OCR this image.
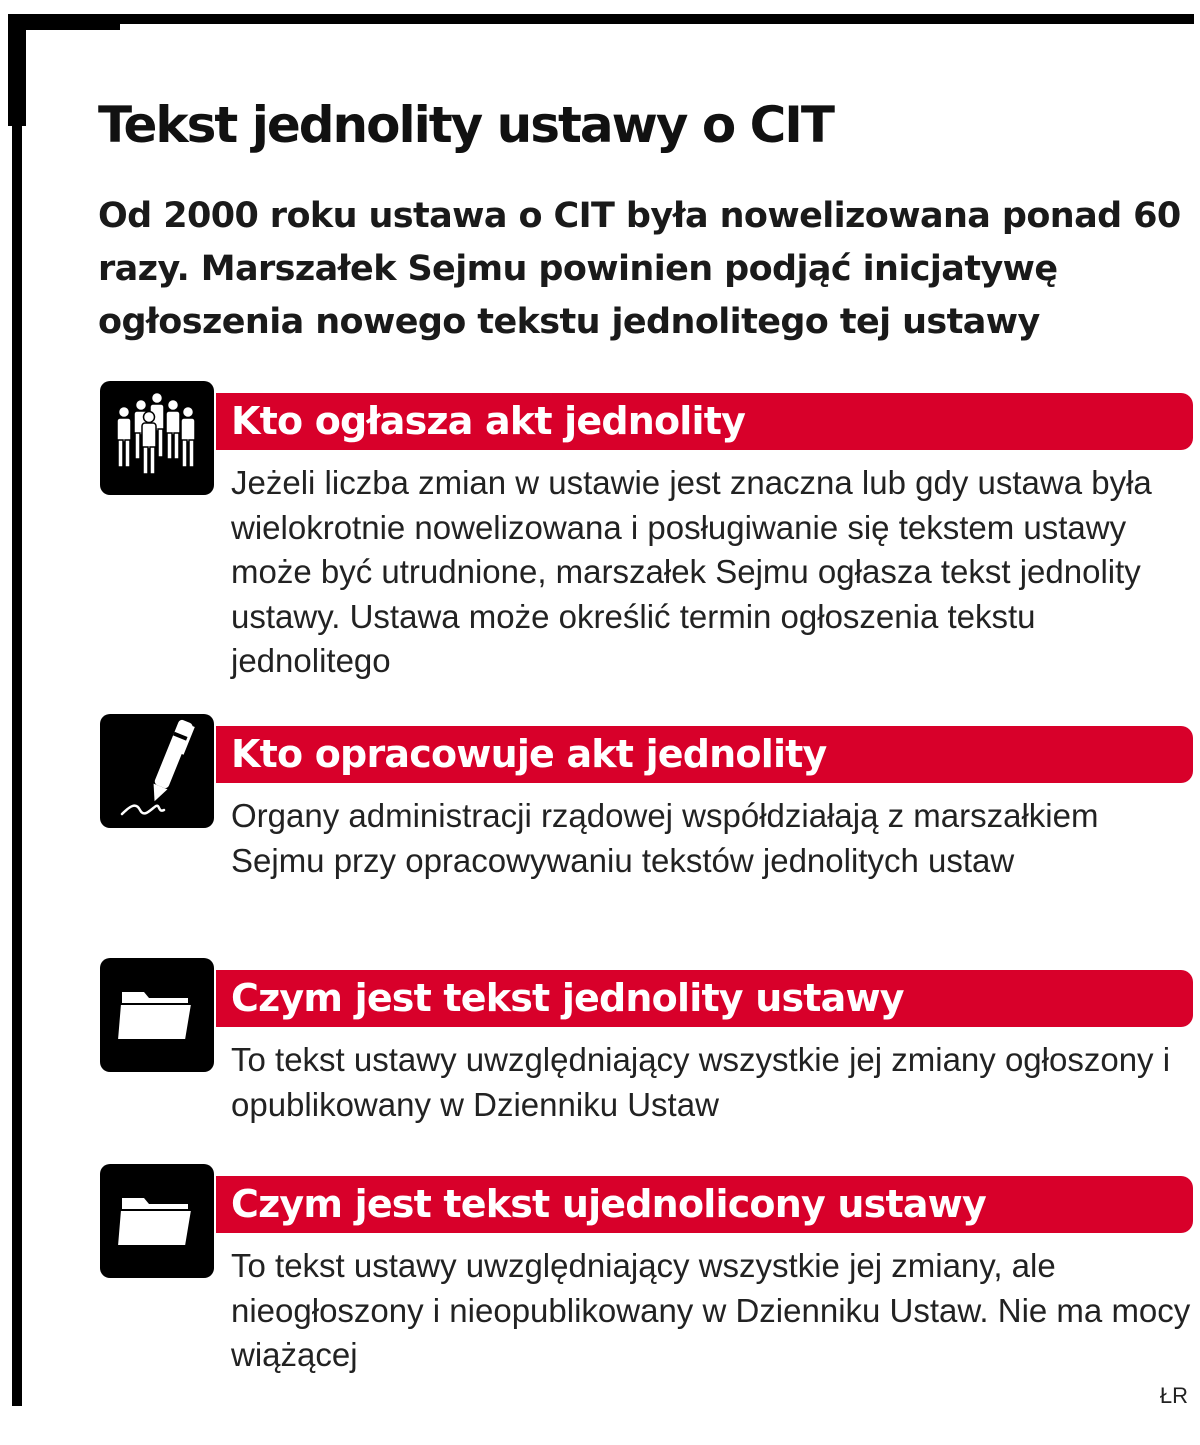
Tekst jednolity ustawy o CIT

Od 2000 roku ustawa o CIT była nowelizowana ponad 60 razy. Marszałek Sejmu powinien podjąć inicjatywę ogłoszenia nowego tekstu jednolitego tej ustawy

Kto ogłasza akt jednolity

Jeżeli liczba zmian w ustawie jest znaczna lub gdy ustawa była wielokrotnie nowelizowana i posługiwanie się tekstem ustawy może być utrudnione, marszałek Sejmu ogłasza tekst jednolity ustawy. Ustawa może określić termin ogłoszenia tekstu jednolitego

Kto opracowuje akt jednolity

Organy administracji rządowej współdziałają z marszałkiem Sejmu przy opracowywaniu tekstów jednolitych ustaw

Czym jest tekst jednolity ustawy

To tekst ustawy uwzględniający wszystkie jej zmiany ogłoszony i opublikowany w Dzienniku Ustaw

Czym jest tekst ujednolicony ustawy

To tekst ustawy uwzględniający wszystkie jej zmiany, ale nieogłoszony i nieopublikowany w Dzienniku Ustaw. Nie ma mocy wiążącej

ŁR
